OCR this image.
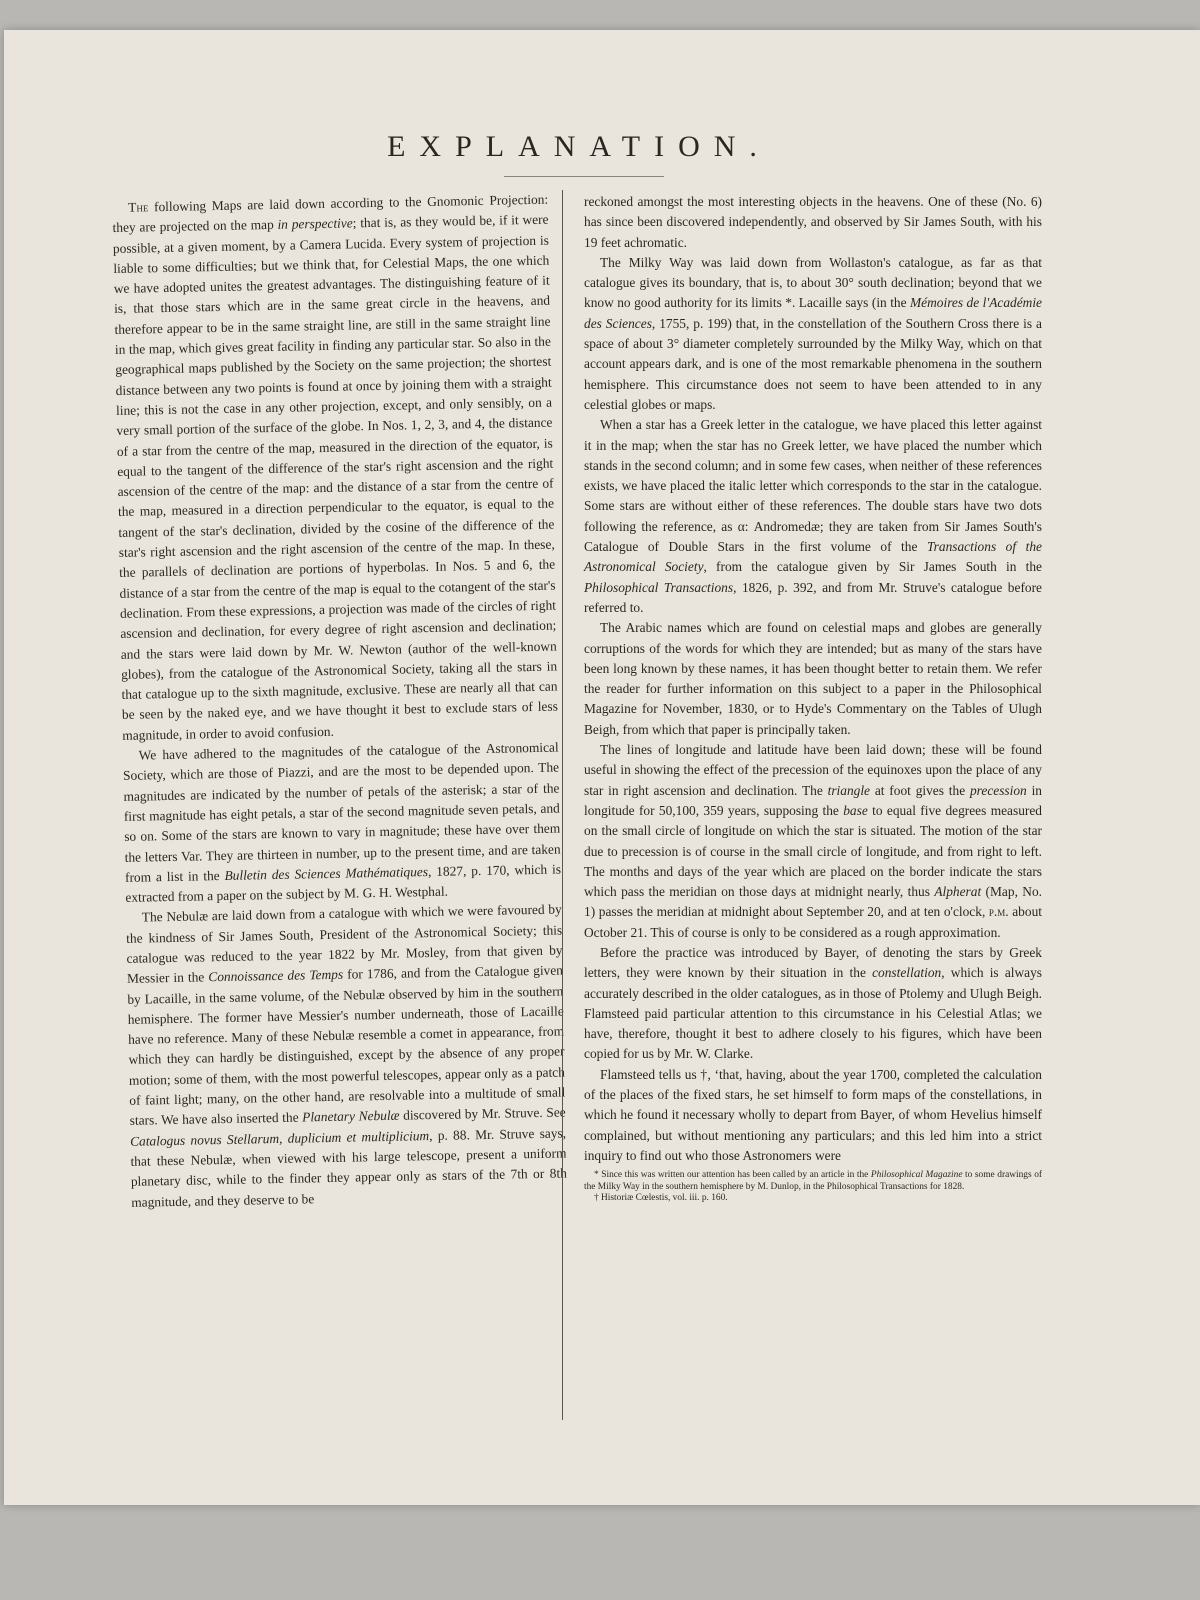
EXPLANATION.

The following Maps are laid down according to the Gnomonic Projection: they are projected on the map in perspective; that is, as they would be, if it were possible, at a given moment, by a Camera Lucida. Every system of projection is liable to some difficulties; but we think that, for Celestial Maps, the one which we have adopted unites the greatest advantages. The distinguishing feature of it is, that those stars which are in the same great circle in the heavens, and therefore appear to be in the same straight line, are still in the same straight line in the map, which gives great facility in finding any particular star. So also in the geographical maps published by the Society on the same projection; the shortest distance between any two points is found at once by joining them with a straight line; this is not the case in any other projection, except, and only sensibly, on a very small portion of the surface of the globe. In Nos. 1, 2, 3, and 4, the distance of a star from the centre of the map, measured in the direction of the equator, is equal to the tangent of the difference of the star's right ascension and the right ascension of the centre of the map: and the distance of a star from the centre of the map, measured in a direction perpendicular to the equator, is equal to the tangent of the star's declination, divided by the cosine of the difference of the star's right ascension and the right ascension of the centre of the map. In these, the parallels of declination are portions of hyperbolas. In Nos. 5 and 6, the distance of a star from the centre of the map is equal to the cotangent of the star's declination. From these expressions, a projection was made of the circles of right ascension and declination, for every degree of right ascension and declination; and the stars were laid down by Mr. W. Newton (author of the well-known globes), from the catalogue of the Astronomical Society, taking all the stars in that catalogue up to the sixth magnitude, exclusive. These are nearly all that can be seen by the naked eye, and we have thought it best to exclude stars of less magnitude, in order to avoid confusion.

We have adhered to the magnitudes of the catalogue of the Astronomical Society, which are those of Piazzi, and are the most to be depended upon. The magnitudes are indicated by the number of petals of the asterisk; a star of the first magnitude has eight petals, a star of the second magnitude seven petals, and so on. Some of the stars are known to vary in magnitude; these have over them the letters Var. They are thirteen in number, up to the present time, and are taken from a list in the Bulletin des Sciences Mathématiques, 1827, p. 170, which is extracted from a paper on the subject by M. G. H. Westphal.

The Nebulæ are laid down from a catalogue with which we were favoured by the kindness of Sir James South, President of the Astronomical Society; this catalogue was reduced to the year 1822 by Mr. Mosley, from that given by Messier in the Connoissance des Temps for 1786, and from the Catalogue given by Lacaille, in the same volume, of the Nebulæ observed by him in the southern hemisphere. The former have Messier's number underneath, those of Lacaille have no reference. Many of these Nebulæ resemble a comet in appearance, from which they can hardly be distinguished, except by the absence of any proper motion; some of them, with the most powerful telescopes, appear only as a patch of faint light; many, on the other hand, are resolvable into a multitude of small stars. We have also inserted the Planetary Nebulæ discovered by Mr. Struve. See Catalogus novus Stellarum, duplicium et multiplicium, p. 88. Mr. Struve says, that these Nebulæ, when viewed with his large telescope, present a uniform planetary disc, while to the finder they appear only as stars of the 7th or 8th magnitude, and they deserve to be

reckoned amongst the most interesting objects in the heavens. One of these (No. 6) has since been discovered independently, and observed by Sir James South, with his 19 feet achromatic.

The Milky Way was laid down from Wollaston's catalogue, as far as that catalogue gives its boundary, that is, to about 30° south declination; beyond that we know no good authority for its limits *. Lacaille says (in the Mémoires de l'Académie des Sciences, 1755, p. 199) that, in the constellation of the Southern Cross there is a space of about 3° diameter completely surrounded by the Milky Way, which on that account appears dark, and is one of the most remarkable phenomena in the southern hemisphere. This circumstance does not seem to have been attended to in any celestial globes or maps.

When a star has a Greek letter in the catalogue, we have placed this letter against it in the map; when the star has no Greek letter, we have placed the number which stands in the second column; and in some few cases, when neither of these references exists, we have placed the italic letter which corresponds to the star in the catalogue. Some stars are without either of these references. The double stars have two dots following the reference, as α: Andromedæ; they are taken from Sir James South's Catalogue of Double Stars in the first volume of the Transactions of the Astronomical Society, from the catalogue given by Sir James South in the Philosophical Transactions, 1826, p. 392, and from Mr. Struve's catalogue before referred to.

The Arabic names which are found on celestial maps and globes are generally corruptions of the words for which they are intended; but as many of the stars have been long known by these names, it has been thought better to retain them. We refer the reader for further information on this subject to a paper in the Philosophical Magazine for November, 1830, or to Hyde's Commentary on the Tables of Ulugh Beigh, from which that paper is principally taken.

The lines of longitude and latitude have been laid down; these will be found useful in showing the effect of the precession of the equinoxes upon the place of any star in right ascension and declination. The triangle at foot gives the precession in longitude for 50,100, 359 years, supposing the base to equal five degrees measured on the small circle of longitude on which the star is situated. The motion of the star due to precession is of course in the small circle of longitude, and from right to left. The months and days of the year which are placed on the border indicate the stars which pass the meridian on those days at midnight nearly, thus Alpherat (Map, No. 1) passes the meridian at midnight about September 20, and at ten o'clock, p.m. about October 21. This of course is only to be considered as a rough approximation.

Before the practice was introduced by Bayer, of denoting the stars by Greek letters, they were known by their situation in the constellation, which is always accurately described in the older catalogues, as in those of Ptolemy and Ulugh Beigh. Flamsteed paid particular attention to this circumstance in his Celestial Atlas; we have, therefore, thought it best to adhere closely to his figures, which have been copied for us by Mr. W. Clarke.

Flamsteed tells us †, ‘that, having, about the year 1700, completed the calculation of the places of the fixed stars, he set himself to form maps of the constellations, in which he found it necessary wholly to depart from Bayer, of whom Hevelius himself complained, but without mentioning any particulars; and this led him into a strict inquiry to find out who those Astronomers were

* Since this was written our attention has been called by an article in the Philosophical Magazine to some drawings of the Milky Way in the southern hemisphere by M. Dunlop, in the Philosophical Transactions for 1828.
† Historiæ Cœlestis, vol. iii. p. 160.
